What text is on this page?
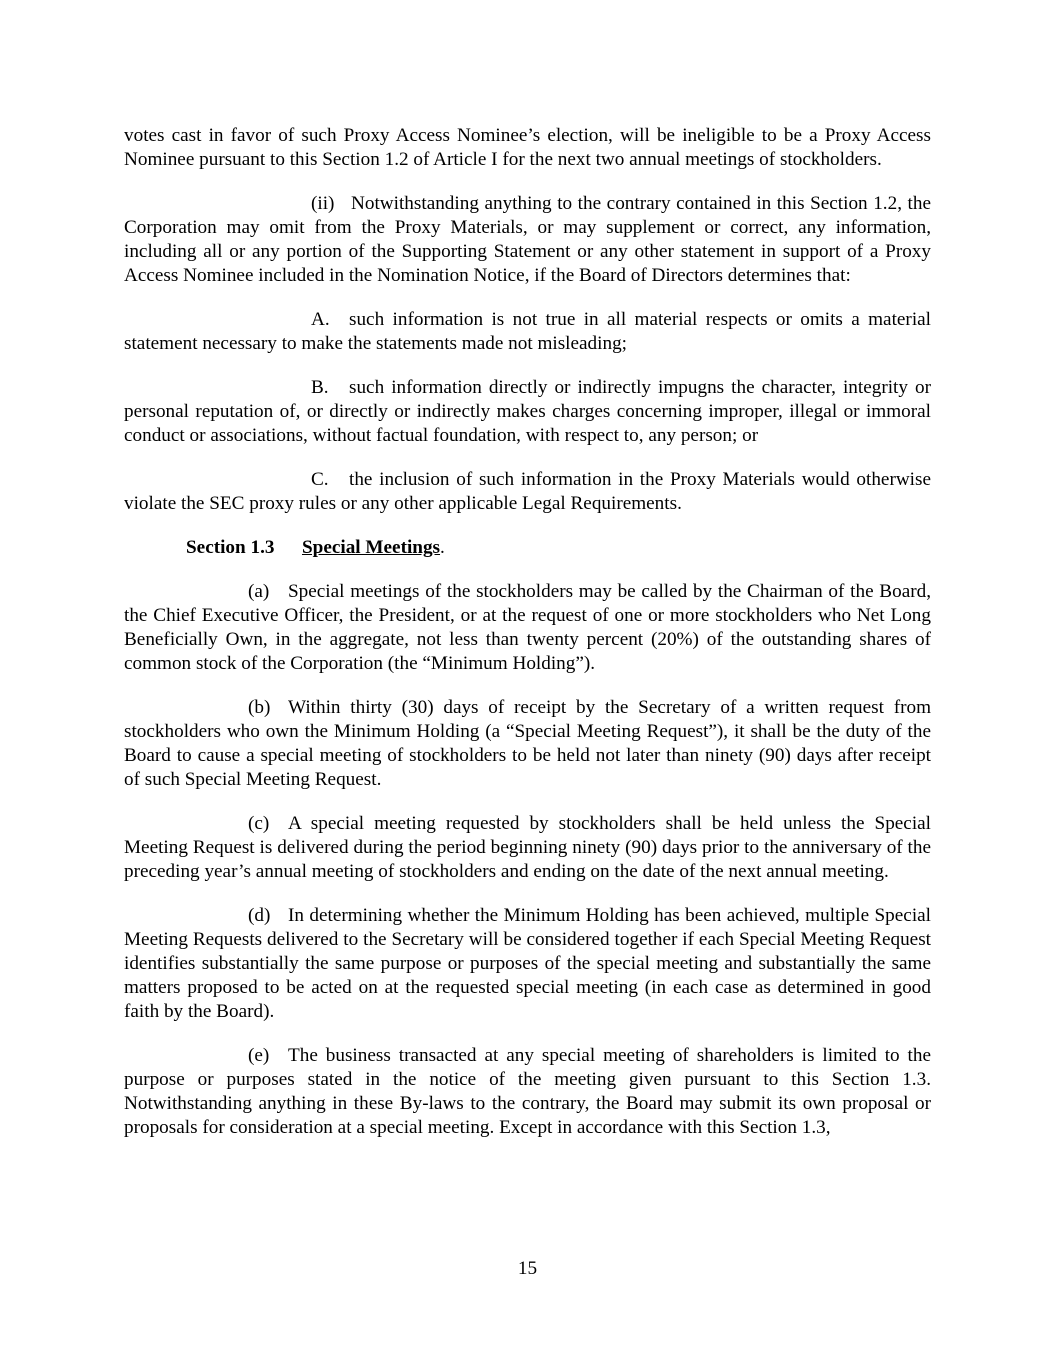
votes cast in favor of such Proxy Access Nominee’s election, will be ineligible to be a Proxy Access Nominee pursuant to this Section 1.2 of Article I for the next two annual meetings of stockholders.

(ii) Notwithstanding anything to the contrary contained in this Section 1.2, the Corporation may omit from the Proxy Materials, or may supplement or correct, any information, including all or any portion of the Supporting Statement or any other statement in support of a Proxy Access Nominee included in the Nomination Notice, if the Board of Directors determines that:

A. such information is not true in all material respects or omits a material statement necessary to make the statements made not misleading;

B. such information directly or indirectly impugns the character, integrity or personal reputation of, or directly or indirectly makes charges concerning improper, illegal or immoral conduct or associations, without factual foundation, with respect to, any person; or

C. the inclusion of such information in the Proxy Materials would otherwise violate the SEC proxy rules or any other applicable Legal Requirements.

Section 1.3 Special Meetings.

(a) Special meetings of the stockholders may be called by the Chairman of the Board, the Chief Executive Officer, the President, or at the request of one or more stockholders who Net Long Beneficially Own, in the aggregate, not less than twenty percent (20%) of the outstanding shares of common stock of the Corporation (the “Minimum Holding”).

(b) Within thirty (30) days of receipt by the Secretary of a written request from stockholders who own the Minimum Holding (a “Special Meeting Request”), it shall be the duty of the Board to cause a special meeting of stockholders to be held not later than ninety (90) days after receipt of such Special Meeting Request.

(c) A special meeting requested by stockholders shall be held unless the Special Meeting Request is delivered during the period beginning ninety (90) days prior to the anniversary of the preceding year’s annual meeting of stockholders and ending on the date of the next annual meeting.

(d) In determining whether the Minimum Holding has been achieved, multiple Special Meeting Requests delivered to the Secretary will be considered together if each Special Meeting Request identifies substantially the same purpose or purposes of the special meeting and substantially the same matters proposed to be acted on at the requested special meeting (in each case as determined in good faith by the Board).

(e) The business transacted at any special meeting of shareholders is limited to the purpose or purposes stated in the notice of the meeting given pursuant to this Section 1.3. Notwithstanding anything in these By-laws to the contrary, the Board may submit its own proposal or proposals for consideration at a special meeting. Except in accordance with this Section 1.3,

15
